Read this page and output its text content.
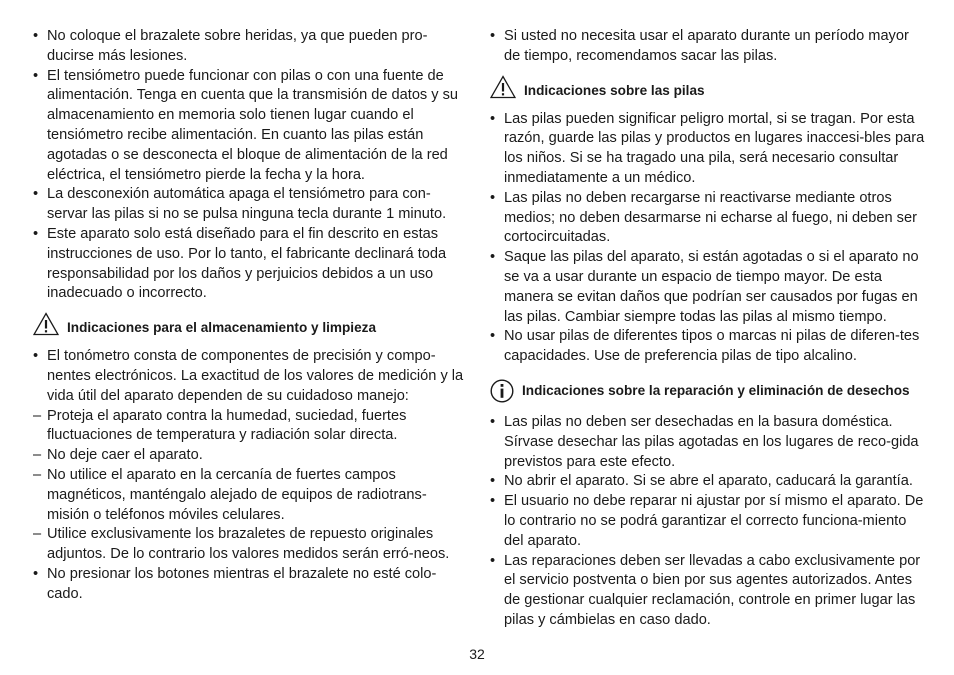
• No coloque el brazalete sobre heridas, ya que pueden pro-ducirse más lesiones.
• El tensiómetro puede funcionar con pilas o con una fuente de alimentación. Tenga en cuenta que la transmisión de datos y su almacenamiento en memoria solo tienen lugar cuando el tensiómetro recibe alimentación. En cuanto las pilas están agotadas o se desconecta el bloque de alimentación de la red eléctrica, el tensiómetro pierde la fecha y la hora.
• La desconexión automática apaga el tensiómetro para con-servar las pilas si no se pulsa ninguna tecla durante 1 minuto.
• Este aparato solo está diseñado para el fin descrito en estas instrucciones de uso. Por lo tanto, el fabricante declinará toda responsabilidad por los daños y perjuicios debidos a un uso inadecuado o incorrecto.
Indicaciones para el almacenamiento y limpieza
• El tonómetro consta de componentes de precisión y compo-nentes electrónicos. La exactitud de los valores de medición y la vida útil del aparato dependen de su cuidadoso manejo:
– Proteja el aparato contra la humedad, suciedad, fuertes fluctuaciones de temperatura y radiación solar directa.
– No deje caer el aparato.
– No utilice el aparato en la cercanía de fuertes campos magnéticos, manténgalo alejado de equipos de radiotrans-misión o teléfonos móviles celulares.
– Utilice exclusivamente los brazaletes de repuesto originales adjuntos. De lo contrario los valores medidos serán erró-neos.
• No presionar los botones mientras el brazalete no esté colo-cado.
• Si usted no necesita usar el aparato durante un período mayor de tiempo, recomendamos sacar las pilas.
Indicaciones sobre las pilas
• Las pilas pueden significar peligro mortal, si se tragan. Por esta razón, guarde las pilas y productos en lugares inaccesi-bles para los niños. Si se ha tragado una pila, será necesario consultar inmediatamente a un médico.
• Las pilas no deben recargarse ni reactivarse mediante otros medios; no deben desarmarse ni echarse al fuego, ni deben ser cortocircuitadas.
• Saque las pilas del aparato, si están agotadas o si el aparato no se va a usar durante un espacio de tiempo mayor. De esta manera se evitan daños que podrían ser causados por fugas en las pilas. Cambiar siempre todas las pilas al mismo tiempo.
• No usar pilas de diferentes tipos o marcas ni pilas de diferen-tes capacidades. Use de preferencia pilas de tipo alcalino.
Indicaciones sobre la reparación y eliminación de desechos
• Las pilas no deben ser desechadas en la basura doméstica. Sírvase desechar las pilas agotadas en los lugares de reco-gida previstos para este efecto.
• No abrir el aparato. Si se abre el aparato, caducará la garantía.
• El usuario no debe reparar ni ajustar por sí mismo el aparato. De lo contrario no se podrá garantizar el correcto funciona-miento del aparato.
• Las reparaciones deben ser llevadas a cabo exclusivamente por el servicio postventa o bien por sus agentes autorizados. Antes de gestionar cualquier reclamación, controle en primer lugar las pilas y cámbielas en caso dado.
32
